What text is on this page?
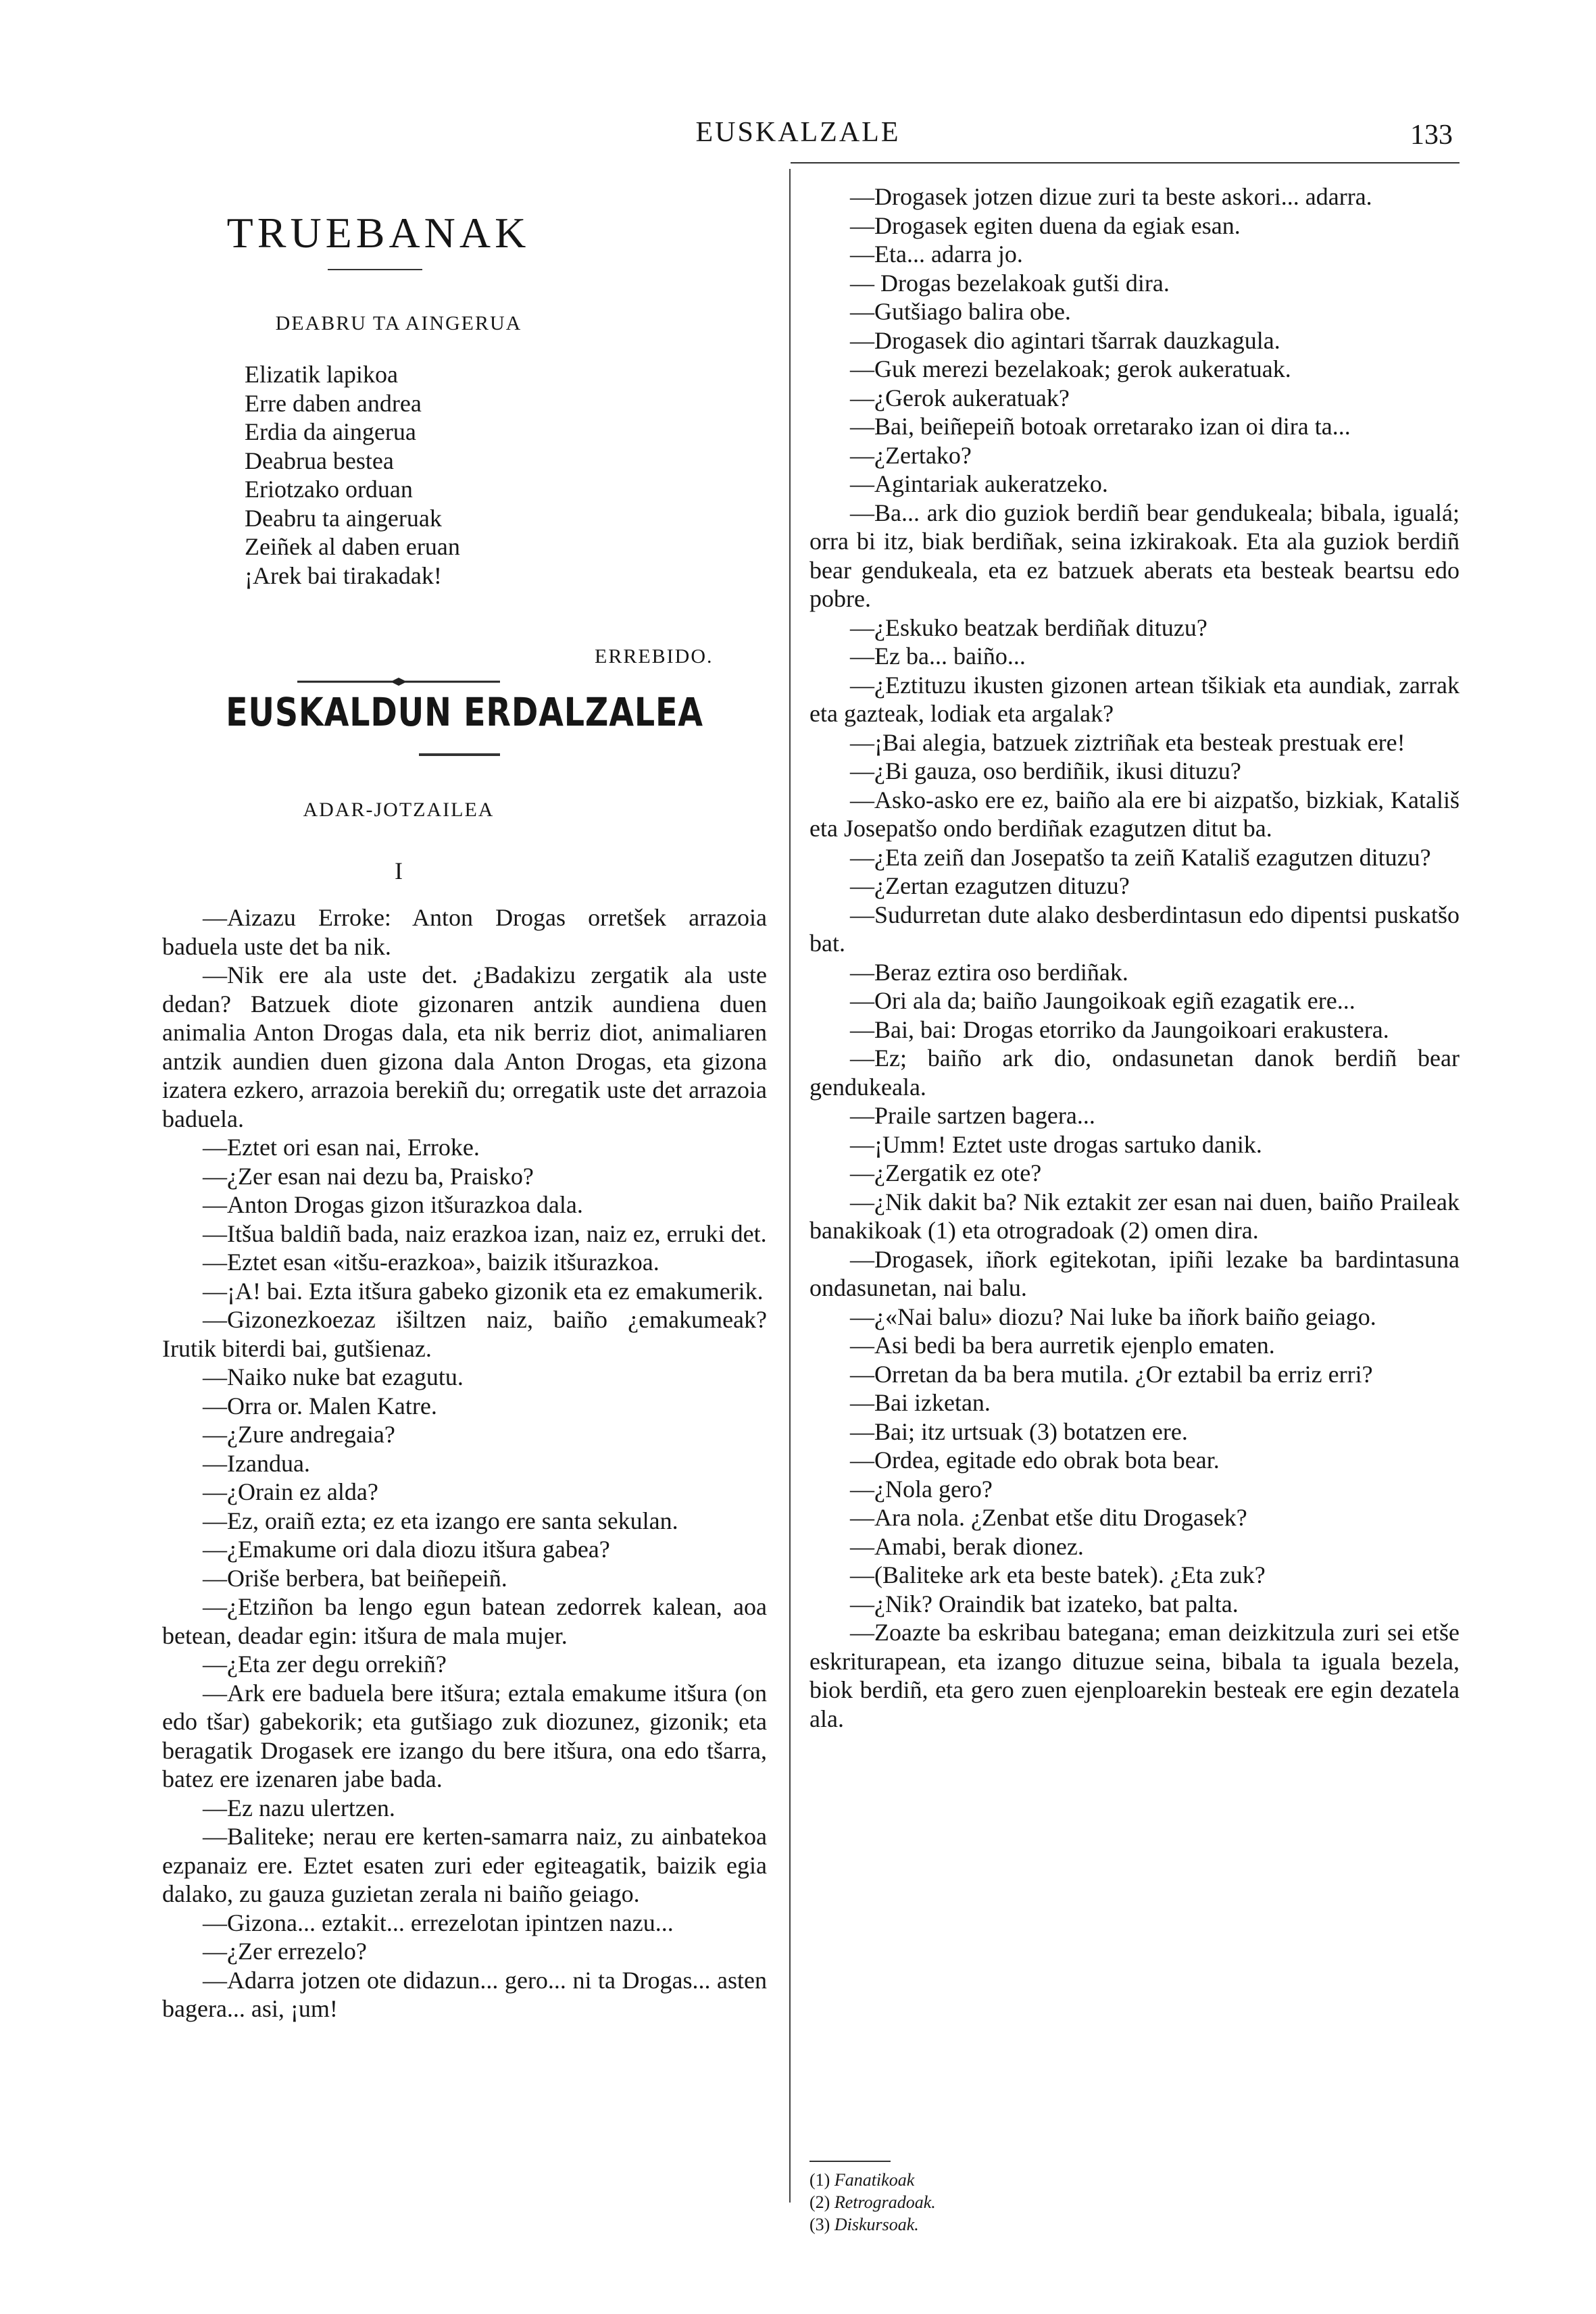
EUSKALZALE	133
TRUEBANAK
DEABRU TA AINGERUA
Elizatik lapikoa
Erre daben andrea
Erdia da aingerua
Deabrua bestea
Eriotzako orduan
Deabru ta aingeruak
Zeiñek al daben eruan
¡Arek bai tirakadak!
ERREBIDO.
EUSKALDUN ERDALZALEA
ADAR-JOTZAILEA
I

—Aizazu Erroke: Anton Drogas orretšek arrazoia baduela uste det ba nik.

—Nik ere ala uste det. ¿Badakizu zergatik ala uste dedan? Batzuek diote gizonaren antzik aundiena duen animalia Anton Drogas dala, eta nik berriz diot, animaliaren antzik aundien duen gizona dala Anton Drogas, eta gizona izatera ezkero, arrazoia berekiñ du; orregatik uste det arrazoia baduela.

—Eztet ori esan nai, Erroke.

—¿Zer esan nai dezu ba, Praisko?

—Anton Drogas gizon itšurazkoa dala.

—Itšua baldiñ bada, naiz erazkoa izan, naiz ez, erruki det.

—Eztet esan «itšu-erazkoa», baizik itšurazkoa.

—¡A! bai. Ezta itšura gabeko gizonik eta ez emakumerik.

—Gizonezkoezaz išiltzen naiz, baiño ¿emakumeak? Irutik biterdi bai, gutšienaz.

—Naiko nuke bat ezagutu.

—Orra or. Malen Katre.

—¿Zure andregaia?

—Izandua.

—¿Orain ez alda?

—Ez, oraiñ ezta; ez eta izango ere santa sekulan.

—¿Emakume ori dala diozu itšura gabea?

—Oriše berbera, bat beiñepeiñ.

—¿Etziñon ba lengo egun batean zedorrek kalean, aoa betean, deadar egin: itšura de mala mujer.

—¿Eta zer degu orrekiñ?

—Ark ere baduela bere itšura; eztala emakume itšura (on edo tšar) gabekorik; eta gutšiago zuk diozunez, gizonik; eta beragatik Drogasek ere izango du bere itšura, ona edo tšarra, batez ere izenaren jabe bada.

—Ez nazu ulertzen.

—Baliteke; nerau ere kerten-samarra naiz, zu ainbatekoa ezpanaiz ere. Eztet esaten zuri eder egiteagatik, baizik egia dalako, zu gauza guzietan zerala ni baiño geiago.

—Gizona... eztakit... errezelotan ipintzen nazu...

—¿Zer errezelo?

—Adarra jotzen ote didazun... gero... ni ta Drogas... asten bagera... asi, ¡um!

—Drogasek jotzen dizue zuri ta beste askori... adarra.

—Drogasek egiten duena da egiak esan.

—Eta... adarra jo.

— Drogas bezelakoak gutši dira.

—Gutšiago balira obe.

—Drogasek dio agintari tšarrak dauzkagula.

—Guk merezi bezelakoak; gerok aukeratuak.

—¿Gerok aukeratuak?

—Bai, beiñepeiñ botoak orretarako izan oi dira ta...

—¿Zertako?

—Agintariak aukeratzeko.

—Ba... ark dio guziok berdiñ bear gendukeala; bibala, igualá; orra bi itz, biak berdiñak, seina izkirakoak. Eta ala guziok berdiñ bear gendukeala, eta ez batzuek aberats eta besteak beartsu edo pobre.

—¿Eskuko beatzak berdiñak dituzu?

—Ez ba... baiño...

—¿Eztituzu ikusten gizonen artean tšikiak eta aundiak, zarrak eta gazteak, lodiak eta argalak?

—¡Bai alegia, batzuek ziztriñak eta besteak prestuak ere!

—¿Bi gauza, oso berdiñik, ikusi dituzu?

—Asko-asko ere ez, baiño ala ere bi aizpatšo, bizkiak, Katališ eta Josepatšo ondo berdiñak ezagutzen ditut ba.

—¿Eta zeiñ dan Josepatšo ta zeiñ Katališ ezagutzen dituzu?

—¿Zertan ezagutzen dituzu?

—Sudurretan dute alako desberdintasun edo dipentsi puskatšo bat.

—Beraz eztira oso berdiñak.

—Ori ala da; baiño Jaungoikoak egiñ ezagatik ere...

—Bai, bai: Drogas etorriko da Jaungoikoari erakustera.

—Ez; baiño ark dio, ondasunetan danok berdiñ bear gendukeala.

—Praile sartzen bagera...

—¡Umm! Eztet uste drogas sartuko danik.

—¿Zergatik ez ote?

—¿Nik dakit ba? Nik eztakit zer esan nai duen, baiño Praileak banakikoak (1) eta otrogradoak (2) omen dira.

—Drogasek, iñork egitekotan, ipiñi lezake ba bardintasuna ondasunetan, nai balu.

—¿«Nai balu» diozu? Nai luke ba iñork baiño geiago.

—Asi bedi ba bera aurretik ejenplo ematen.

—Orretan da ba bera mutila. ¿Or eztabil ba erriz erri?

—Bai izketan.

—Bai; itz urtsuak (3) botatzen ere.

—Ordea, egitade edo obrak bota bear.

—¿Nola gero?

—Ara nola. ¿Zenbat etše ditu Drogasek?

—Amabi, berak dionez.

—(Baliteke ark eta beste batek). ¿Eta zuk?

—¿Nik? Oraindik bat izateko, bat palta.

—Zoazte ba eskribau bategana; eman deizkitzula zuri sei etše eskriturapean, eta izango dituzue seina, bibala ta iguala bezela, biok berdiñ, eta gero zuen ejenploarekin besteak ere egin dezatela ala.

(1) Fanatikoak
(2) Retrogradoak.
(3) Diskursoak.
